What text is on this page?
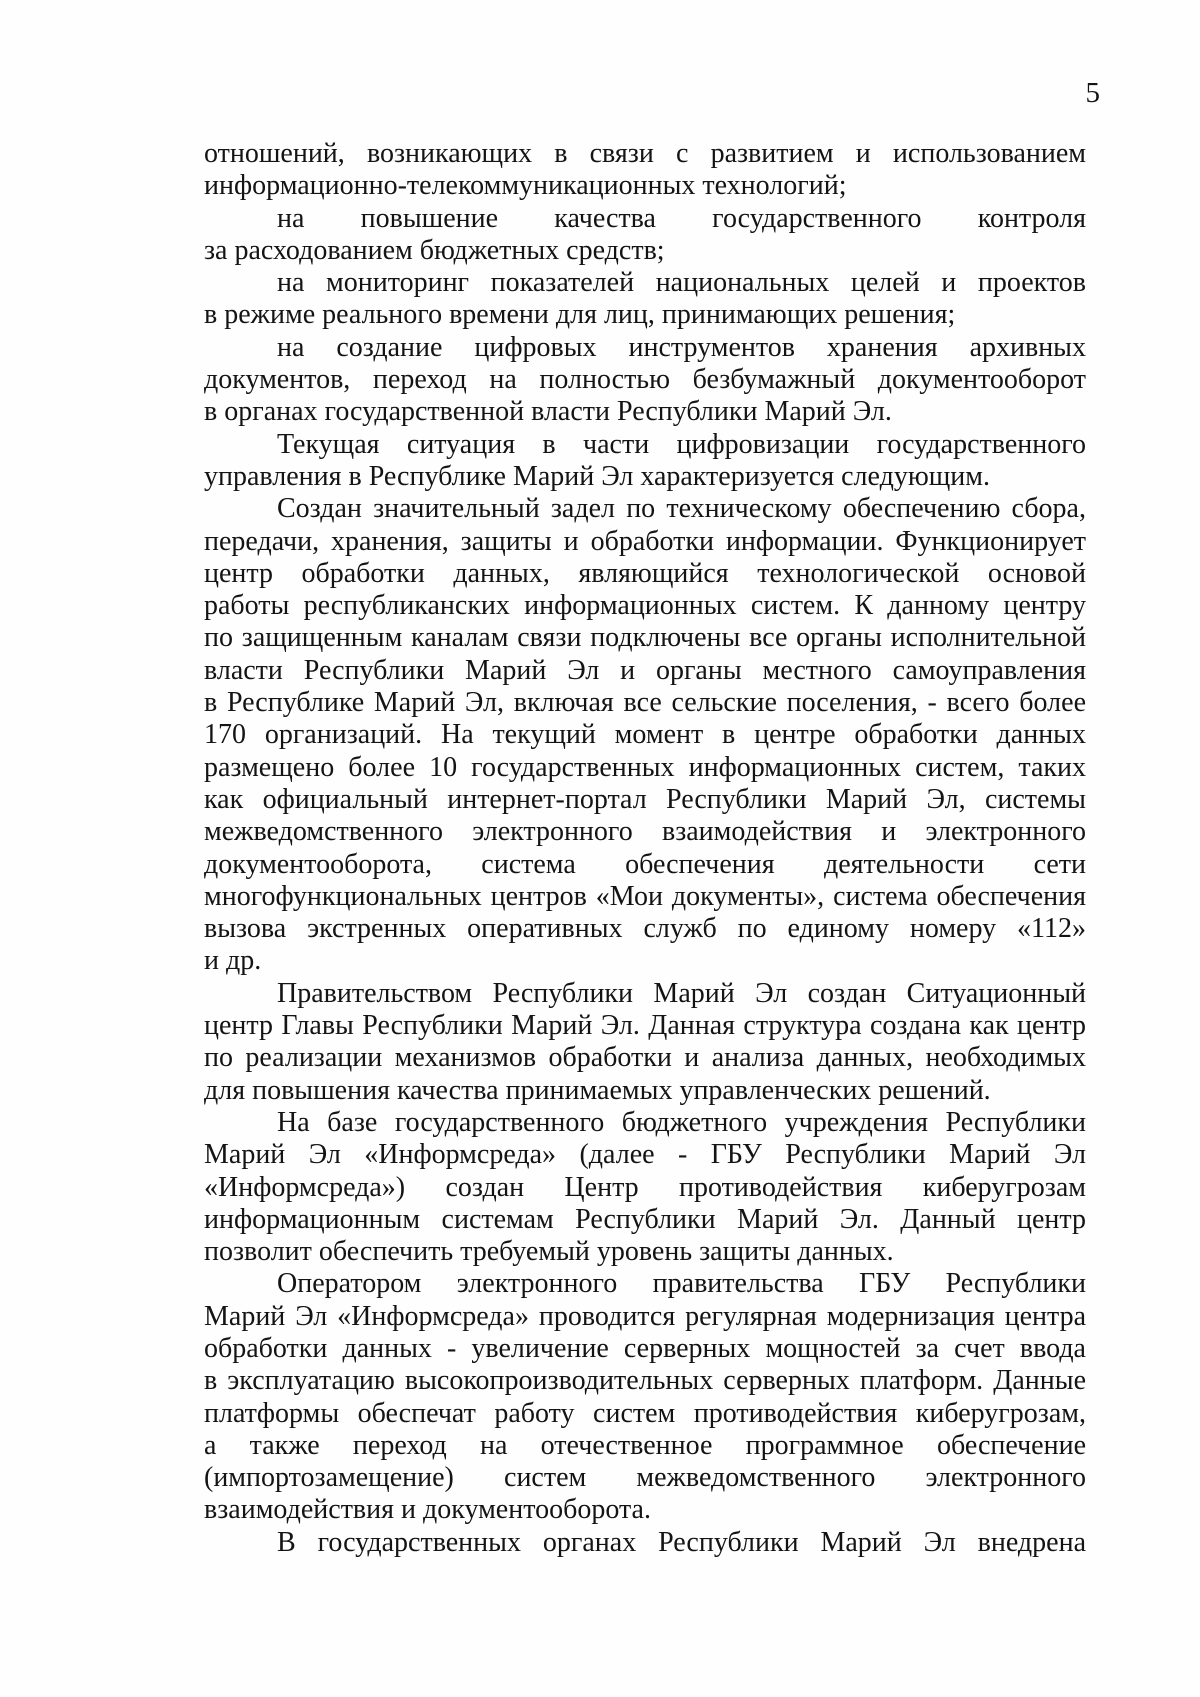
5
отношений, возникающих в связи с развитием и использованием
информационно-телекоммуникационных технологий;
на повышение качества государственного контроля
за расходованием бюджетных средств;
на мониторинг показателей национальных целей и проектов
в режиме реального времени для лиц, принимающих решения;
на создание цифровых инструментов хранения архивных
документов, переход на полностью безбумажный документооборот
в органах государственной власти Республики Марий Эл.
Текущая ситуация в части цифровизации государственного
управления в Республике Марий Эл характеризуется следующим.
Создан значительный задел по техническому обеспечению сбора,
передачи, хранения, защиты и обработки информации. Функционирует
центр обработки данных, являющийся технологической основой
работы республиканских информационных систем. К данному центру
по защищенным каналам связи подключены все органы исполнительной
власти Республики Марий Эл и органы местного самоуправления
в Республике Марий Эл, включая все сельские поселения, - всего более
170 организаций. На текущий момент в центре обработки данных
размещено более 10 государственных информационных систем, таких
как официальный интернет-портал Республики Марий Эл, системы
межведомственного электронного взаимодействия и электронного
документооборота, система обеспечения деятельности сети
многофункциональных центров «Мои документы», система обеспечения
вызова экстренных оперативных служб по единому номеру «112»
и др.
Правительством Республики Марий Эл создан Ситуационный
центр Главы Республики Марий Эл. Данная структура создана как центр
по реализации механизмов обработки и анализа данных, необходимых
для повышения качества принимаемых управленческих решений.
На базе государственного бюджетного учреждения Республики
Марий Эл «Информсреда» (далее - ГБУ Республики Марий Эл
«Информсреда») создан Центр противодействия киберугрозам
информационным системам Республики Марий Эл. Данный центр
позволит обеспечить требуемый уровень защиты данных.
Оператором электронного правительства ГБУ Республики
Марий Эл «Информсреда» проводится регулярная модернизация центра
обработки данных - увеличение серверных мощностей за счет ввода
в эксплуатацию высокопроизводительных серверных платформ. Данные
платформы обеспечат работу систем противодействия киберугрозам,
а также переход на отечественное программное обеспечение
(импортозамещение) систем межведомственного электронного
взаимодействия и документооборота.
В государственных органах Республики Марий Эл внедрена
